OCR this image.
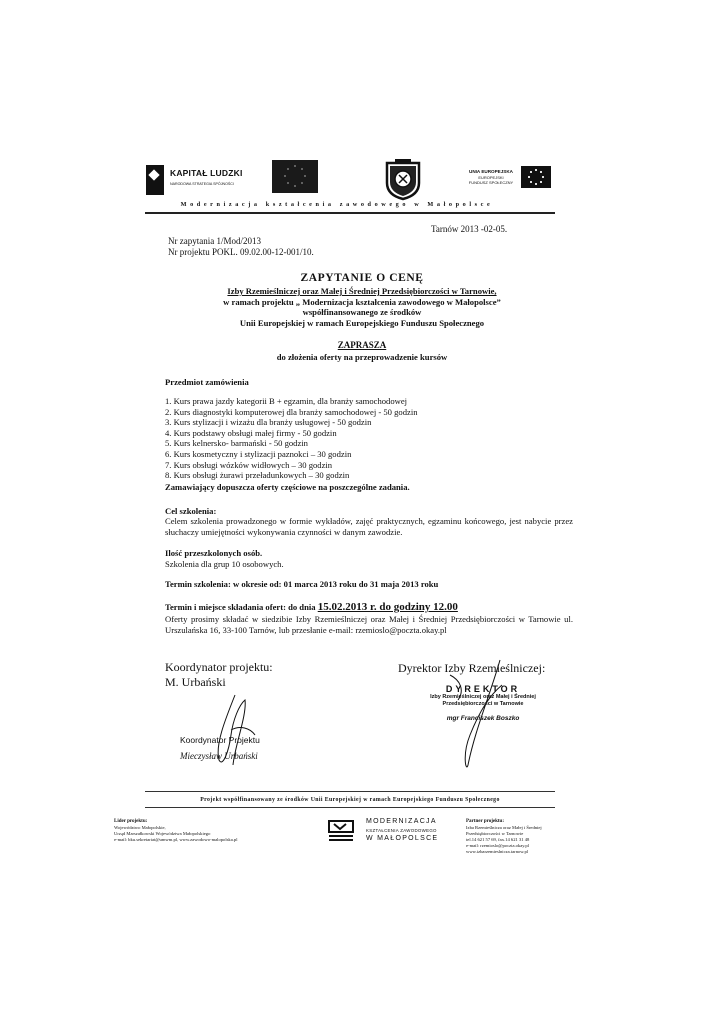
KAPITAŁ LUDZKI
NARODOWA STRATEGIA SPÓJNOŚCI
UNIA EUROPEJSKA
EUROPEJSKI
FUNDUSZ SPOŁECZNY
Modernizacja kształcenia zawodowego w Małopolsce
Tarnów 2013 -02-05.
Nr zapytania 1/Mod/2013
Nr projektu POKL. 09.02.00-12-001/10.
ZAPYTANIE O CENĘ
Izby Rzemieślniczej oraz Małej i Średniej Przedsiębiorczości w Tarnowie,
w ramach projektu „ Modernizacja kształcenia zawodowego w Małopolsce”
współfinansowanego ze środków
Unii Europejskiej w ramach Europejskiego Funduszu Społecznego
ZAPRASZA
do złożenia oferty na przeprowadzenie kursów
Przedmiot zamówienia
1. Kurs prawa jazdy kategorii B + egzamin, dla branży samochodowej
2. Kurs diagnostyki komputerowej dla branży samochodowej - 50 godzin
3. Kurs stylizacji i wizażu dla branży usługowej - 50 godzin
4. Kurs podstawy obsługi małej firmy - 50 godzin
5. Kurs kelnersko- barmański - 50 godzin
6. Kurs kosmetyczny i stylizacji paznokci – 30 godzin
7. Kurs obsługi wózków widłowych – 30 godzin
8. Kurs obsługi żurawi przeładunkowych – 30 godzin
Zamawiający dopuszcza oferty częściowe na poszczególne zadania.
Cel szkolenia:
Celem szkolenia prowadzonego w formie wykładów, zajęć praktycznych, egzaminu końcowego, jest nabycie przez słuchaczy umiejętności wykonywania czynności w danym zawodzie.
Ilość przeszkolonych osób.
Szkolenia dla grup 10 osobowych.
Termin szkolenia: w okresie od: 01 marca 2013 roku do 31 maja 2013 roku
Termin i miejsce składania ofert: do dnia 15.02.2013 r. do godziny 12.00
Oferty prosimy składać w siedzibie Izby Rzemieślniczej oraz Małej i Średniej Przedsiębiorczości w Tarnowie ul. Urszulańska 16, 33-100 Tarnów, lub przesłanie e-mail: rzemioslo@poczta.okay.pl
Koordynator projektu:
M. Urbański
Koordynator Projektu
Mieczysław Urbański
Dyrektor Izby Rzemieślniczej:
DYREKTOR
Izby Rzemieślniczej oraz Małej i Średniej
Przedsiębiorczości w Tarnowie
mgr Franciszek Boszko
Projekt współfinansowany ze środków Unii Europejskiej w ramach Europejskiego Funduszu Społecznego
Lider projektu:
Województwo Małopolskie,
Urząd Marszałkowski Województwa Małopolskiego
e-mail: bku.sekretariat@umwm.pl, www.zawodowo-malopolska.pl
MODERNIZACJA
KSZTAŁCENIA ZAWODOWEGO
W MAŁOPOLSCE
Partner projektu:
Izba Rzemieślnicza oraz Małej i Średniej
Przedsiębiorczości w Tarnowie
tel.14 621 57 69, fax.14 621 31 48
e-mail: rzemioslo@poczta.okay.pl
www.izbarzemieslnicza.tarnow.pl
